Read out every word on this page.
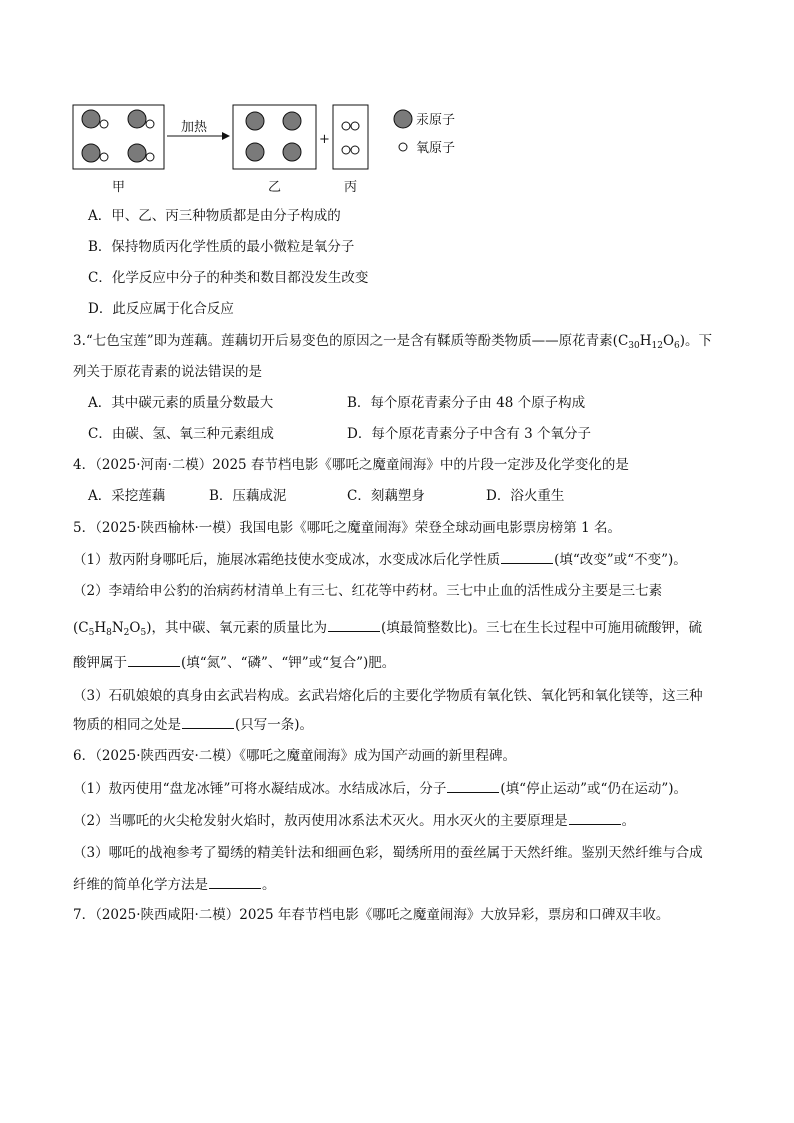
加热
+
甲	乙	丙
汞原子
氧原子
A．甲、乙、丙三种物质都是由分子构成的
B．保持物质丙化学性质的最小微粒是氧分子
C．化学反应中分子的种类和数目都没发生改变
D．此反应属于化合反应
3.“七色宝莲”即为莲藕。莲藕切开后易变色的原因之一是含有鞣质等酚类物质——原花青素$(C_{30}H_{12}O_6)$。下
列关于原花青素的说法错误的是
A．其中碳元素的质量分数最大	B．每个原花青素分子由 48 个原子构成
C．由碳、氢、氧三种元素组成	D．每个原花青素分子中含有 3 个氧分子
4．（2025·河南·二模）2025 春节档电影《哪吒之魔童闹海》中的片段一定涉及化学变化的是
A．采挖莲藕	B．压藕成泥	C．刻藕塑身	D．浴火重生
5．（2025·陕西榆林·一模）我国电影《哪吒之魔童闹海》荣登全球动画电影票房榜第 1 名。
（1）敖丙附身哪吒后，施展冰霜绝技使水变成冰，水变成冰后化学性质	(填“改变”或“不变”)。
（2）李靖给申公豹的治病药材清单上有三七、红花等中药材。三七中止血的活性成分主要是三七素
$(C_5H_8N_2O_5)$，其中碳、氧元素的质量比为	(填最简整数比)。三七在生长过程中可施用硫酸钾，硫
酸钾属于	(填“氮”、“磷”、“钾”或“复合”)肥。
（3）石矶娘娘的真身由玄武岩构成。玄武岩熔化后的主要化学物质有氧化铁、氧化钙和氧化镁等，这三种
物质的相同之处是	(只写一条)。
6．（2025·陕西西安·二模）《哪吒之魔童闹海》成为国产动画的新里程碑。
（1）敖丙使用“盘龙冰锤”可将水凝结成冰。水结成冰后，分子	(填“停止运动”或“仍在运动”)。
（2）当哪吒的火尖枪发射火焰时，敖丙使用冰系法术灭火。用水灭火的主要原理是	。
（3）哪吒的战袍参考了蜀绣的精美针法和细画色彩，蜀绣所用的蚕丝属于天然纤维。鉴别天然纤维与合成
纤维的简单化学方法是	。
7．（2025·陕西咸阳·二模）2025 年春节档电影《哪吒之魔童闹海》大放异彩，票房和口碑双丰收。
